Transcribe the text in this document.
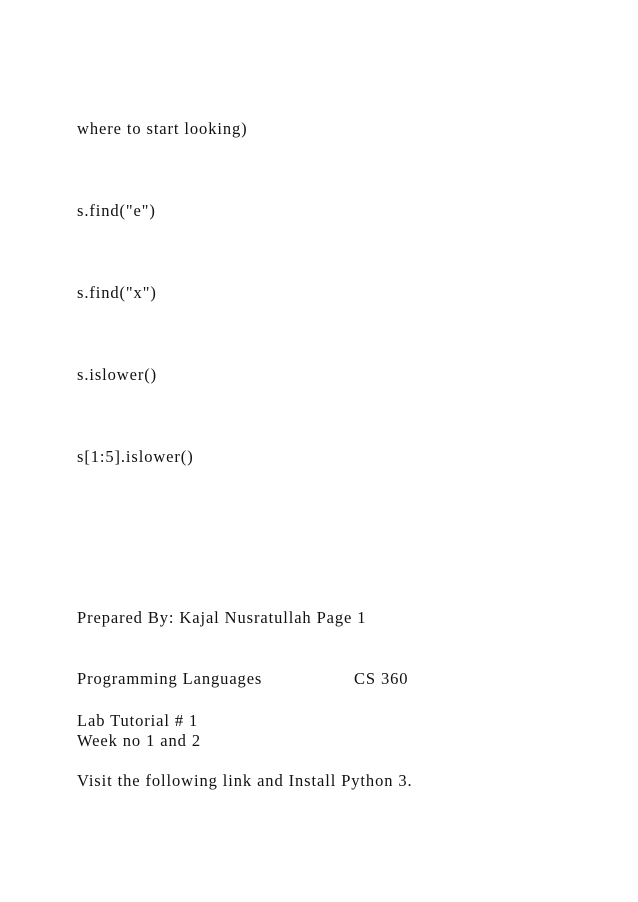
where to start looking)

s.find("e")

s.find("x")

s.islower()

s[1:5].islower()

Prepared By: Kajal Nusratullah Page 1

Programming Languages	CS 360

Lab Tutorial # 1

Week no 1 and 2

Visit the following link and Install Python 3.
